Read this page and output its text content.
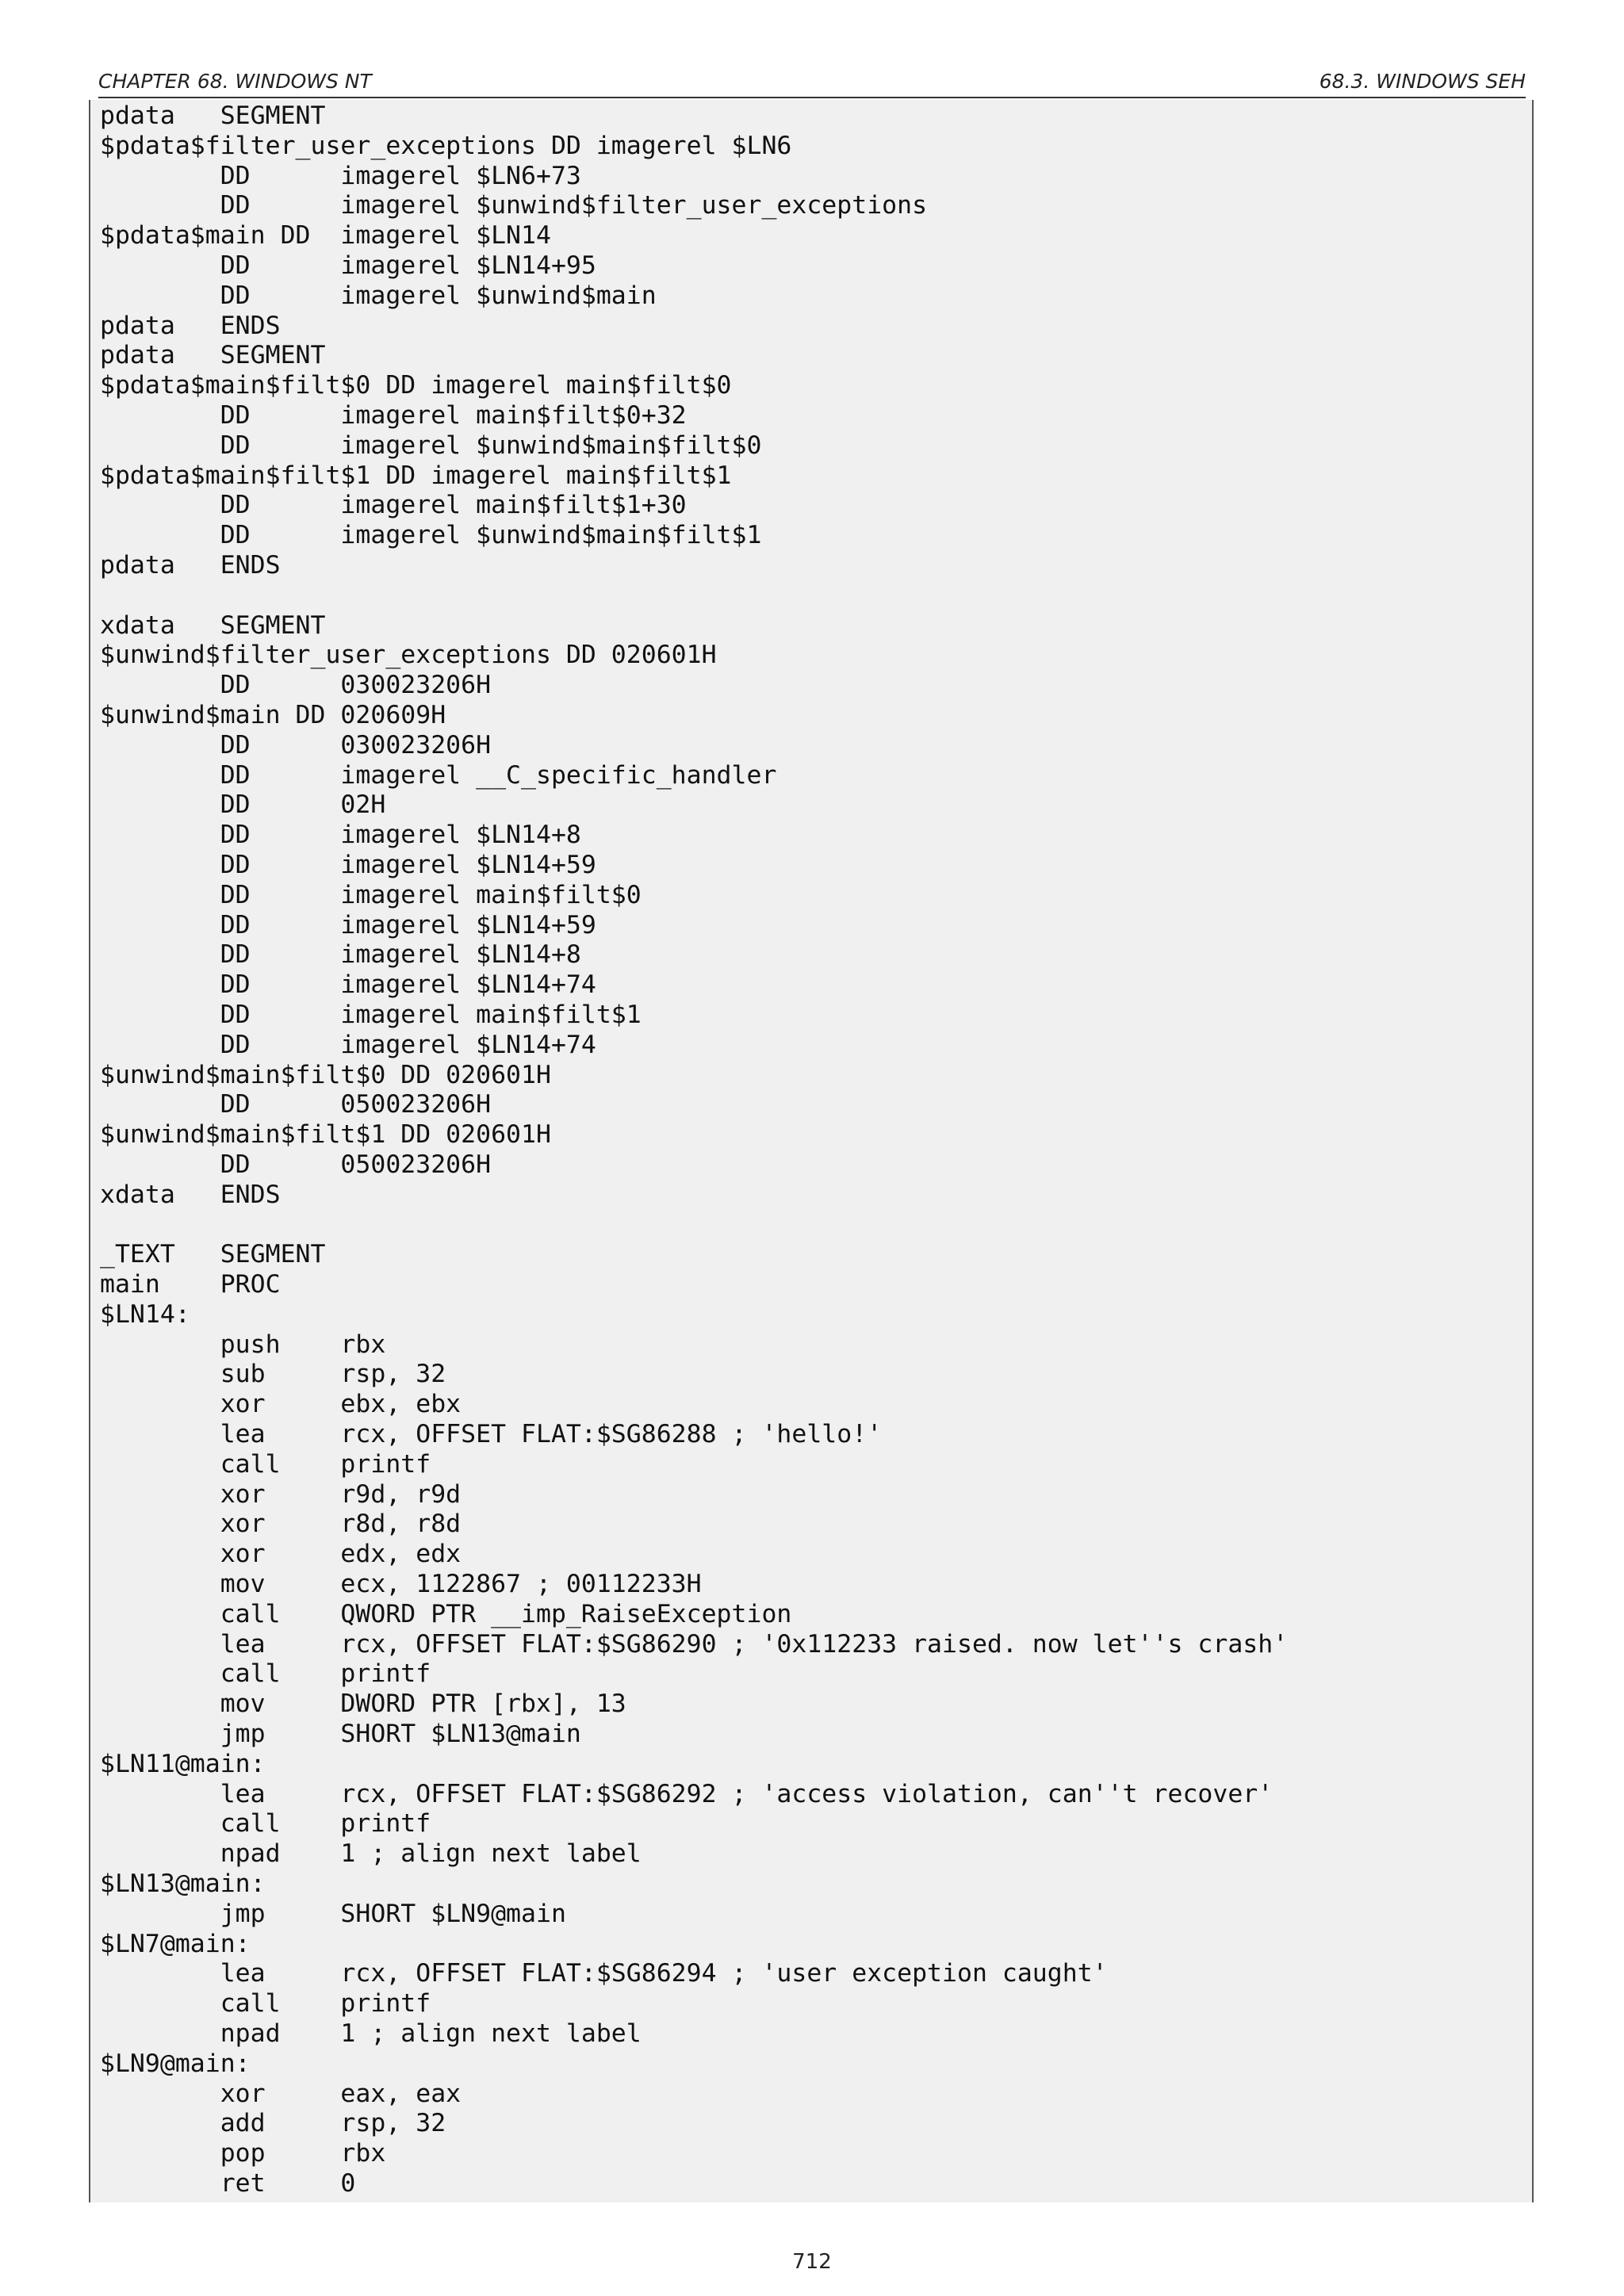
CHAPTER 68. WINDOWS NT	68.3. WINDOWS SEH
pdata   SEGMENT
$pdata$filter_user_exceptions DD imagerel $LN6
DD      imagerel $LN6+73
DD      imagerel $unwind$filter_user_exceptions
$pdata$main DD  imagerel $LN14
DD      imagerel $LN14+95
DD      imagerel $unwind$main
pdata   ENDS
pdata   SEGMENT
$pdata$main$filt$0 DD imagerel main$filt$0
DD      imagerel main$filt$0+32
DD      imagerel $unwind$main$filt$0
$pdata$main$filt$1 DD imagerel main$filt$1
DD      imagerel main$filt$1+30
DD      imagerel $unwind$main$filt$1
pdata   ENDS
xdata   SEGMENT
$unwind$filter_user_exceptions DD 020601H
DD      030023206H
$unwind$main DD 020609H
DD      030023206H
DD      imagerel __C_specific_handler
DD      02H
DD      imagerel $LN14+8
DD      imagerel $LN14+59
DD      imagerel main$filt$0
DD      imagerel $LN14+59
DD      imagerel $LN14+8
DD      imagerel $LN14+74
DD      imagerel main$filt$1
DD      imagerel $LN14+74
$unwind$main$filt$0 DD 020601H
DD      050023206H
$unwind$main$filt$1 DD 020601H
DD      050023206H
xdata   ENDS
_TEXT   SEGMENT
main    PROC
$LN14:
push    rbx
sub     rsp, 32
xor     ebx, ebx
lea     rcx, OFFSET FLAT:$SG86288 ; 'hello!'
call    printf
xor     r9d, r9d
xor     r8d, r8d
xor     edx, edx
mov     ecx, 1122867 ; 00112233H
call    QWORD PTR __imp_RaiseException
lea     rcx, OFFSET FLAT:$SG86290 ; '0x112233 raised. now let''s crash'
call    printf
mov     DWORD PTR [rbx], 13
jmp     SHORT $LN13@main
$LN11@main:
lea     rcx, OFFSET FLAT:$SG86292 ; 'access violation, can''t recover'
call    printf
npad    1 ; align next label
$LN13@main:
jmp     SHORT $LN9@main
$LN7@main:
lea     rcx, OFFSET FLAT:$SG86294 ; 'user exception caught'
call    printf
npad    1 ; align next label
$LN9@main:
xor     eax, eax
add     rsp, 32
pop     rbx
ret     0
712
